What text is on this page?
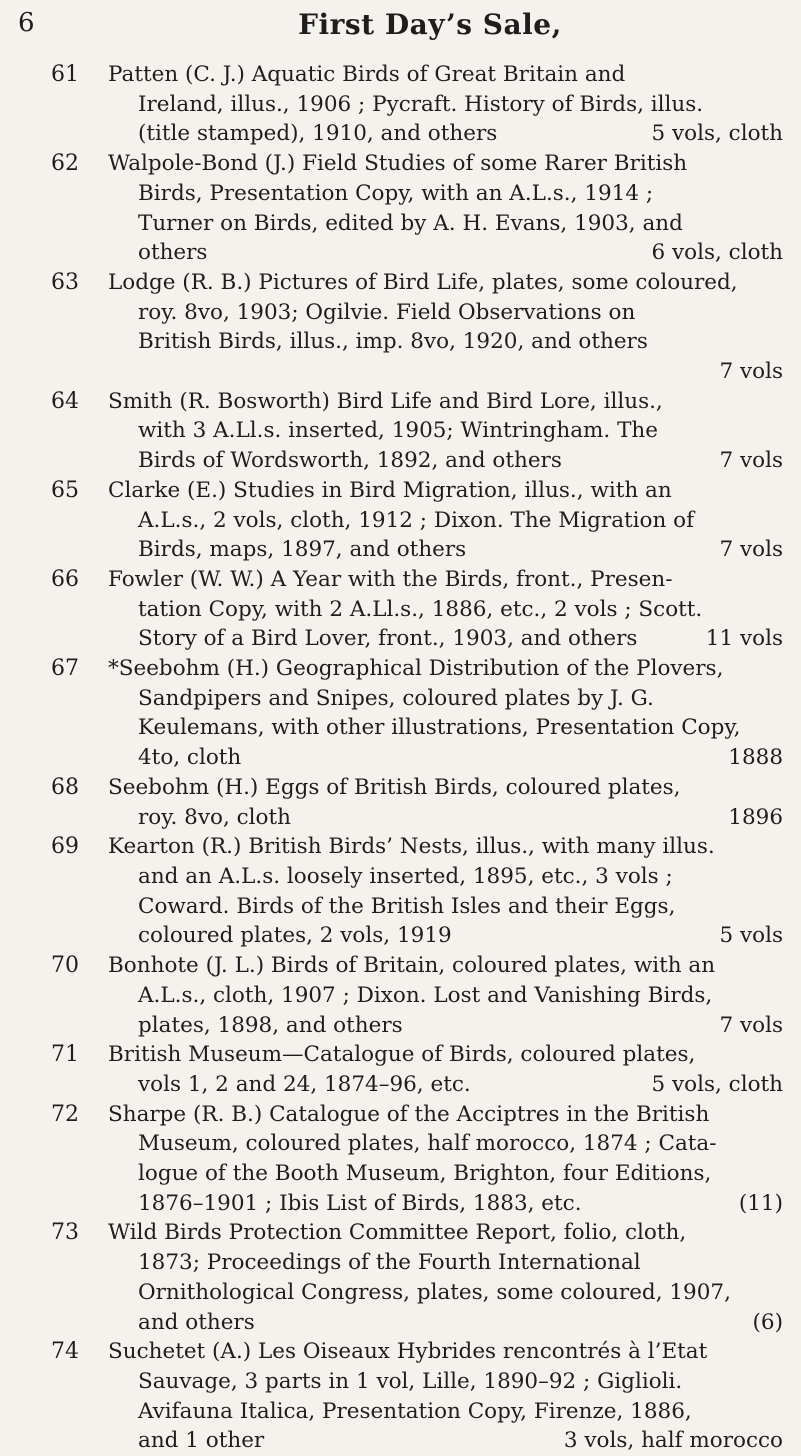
6	First Day’s Sale,
61 Patten (C. J.) Aquatic Birds of Great Britain and
Ireland, illus., 1906 ; Pycraft. History of Birds, illus.
(title stamped), 1910, and others	5 vols, cloth
62 Walpole-Bond (J.) Field Studies of some Rarer British
Birds, Presentation Copy, with an A.L.s., 1914 ;
Turner on Birds, edited by A. H. Evans, 1903, and
others	6 vols, cloth
63 Lodge (R. B.) Pictures of Bird Life, plates, some coloured,
roy. 8vo, 1903; Ogilvie. Field Observations on
British Birds, illus., imp. 8vo, 1920, and others
7 vols
64 Smith (R. Bosworth) Bird Life and Bird Lore, illus.,
with 3 A.Ll.s. inserted, 1905; Wintringham. The
Birds of Wordsworth, 1892, and others	7 vols
65 Clarke (E.) Studies in Bird Migration, illus., with an
A.L.s., 2 vols, cloth, 1912 ; Dixon. The Migration of
Birds, maps, 1897, and others	7 vols
66 Fowler (W. W.) A Year with the Birds, front., Presen-
tation Copy, with 2 A.Ll.s., 1886, etc., 2 vols ; Scott.
Story of a Bird Lover, front., 1903, and others	11 vols
67 *Seebohm (H.) Geographical Distribution of the Plovers,
Sandpipers and Snipes, coloured plates by J. G.
Keulemans, with other illustrations, Presentation Copy,
4to, cloth	1888
68 Seebohm (H.) Eggs of British Birds, coloured plates,
roy. 8vo, cloth	1896
69 Kearton (R.) British Birds’ Nests, illus., with many illus.
and an A.L.s. loosely inserted, 1895, etc., 3 vols ;
Coward. Birds of the British Isles and their Eggs,
coloured plates, 2 vols, 1919	5 vols
70 Bonhote (J. L.) Birds of Britain, coloured plates, with an
A.L.s., cloth, 1907 ; Dixon. Lost and Vanishing Birds,
plates, 1898, and others	7 vols
71 British Museum—Catalogue of Birds, coloured plates,
vols 1, 2 and 24, 1874–96, etc.	5 vols, cloth
72 Sharpe (R. B.) Catalogue of the Acciptres in the British
Museum, coloured plates, half morocco, 1874 ; Cata-
logue of the Booth Museum, Brighton, four Editions,
1876–1901 ; Ibis List of Birds, 1883, etc.	(11)
73 Wild Birds Protection Committee Report, folio, cloth,
1873; Proceedings of the Fourth International
Ornithological Congress, plates, some coloured, 1907,
and others	(6)
74 Suchetet (A.) Les Oiseaux Hybrides rencontrés à l’Etat
Sauvage, 3 parts in 1 vol, Lille, 1890–92 ; Giglioli.
Avifauna Italica, Presentation Copy, Firenze, 1886,
and 1 other	3 vols, half morocco
